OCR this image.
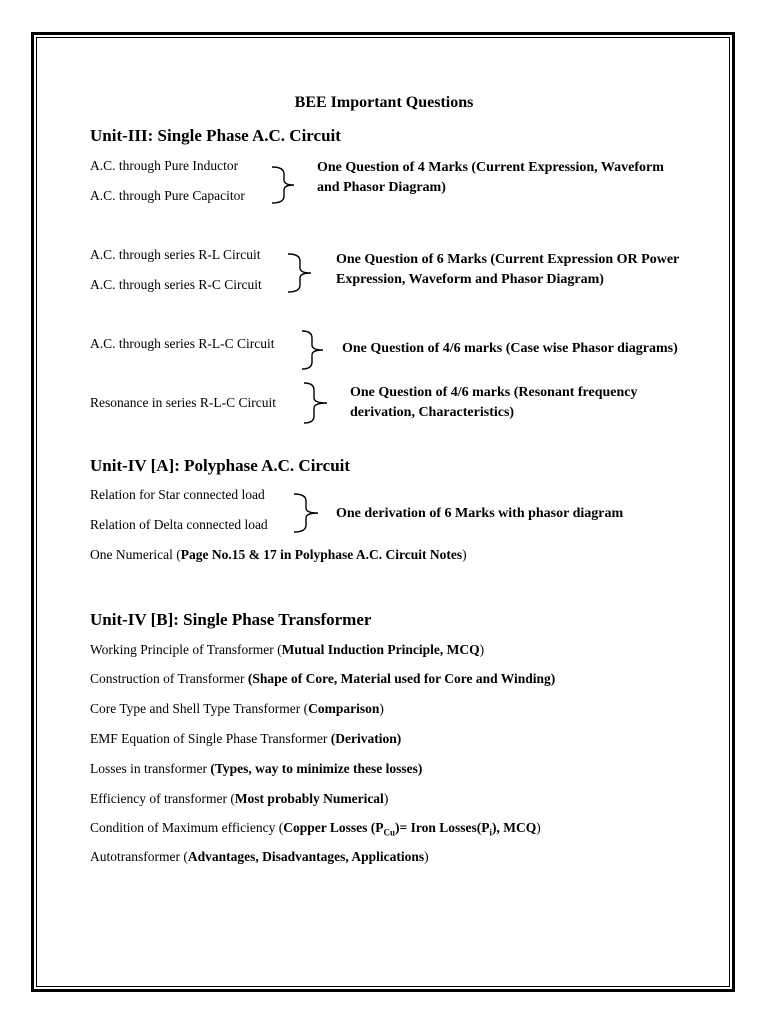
BEE Important Questions
Unit-III: Single Phase A.C. Circuit
A.C. through Pure Inductor
A.C. through Pure Capacitor
One Question of 4 Marks (Current Expression, Waveform
and Phasor Diagram)
A.C. through series R-L Circuit
A.C. through series R-C Circuit
One Question of 6 Marks (Current Expression OR Power
Expression, Waveform and Phasor Diagram)
A.C. through series R-L-C Circuit	One Question of 4/6 marks (Case wise Phasor diagrams)
Resonance in series R-L-C Circuit
One Question of 4/6 marks (Resonant frequency
derivation, Characteristics)
Unit-IV [A]: Polyphase A.C. Circuit
Relation for Star connected load
Relation of Delta connected load
One derivation of 6 Marks with phasor diagram
One Numerical (Page No.15 & 17 in Polyphase A.C. Circuit Notes)
Unit-IV [B]: Single Phase Transformer
Working Principle of Transformer (Mutual Induction Principle, MCQ)
Construction of Transformer (Shape of Core, Material used for Core and Winding)
Core Type and Shell Type Transformer (Comparison)
EMF Equation of Single Phase Transformer (Derivation)
Losses in transformer (Types, way to minimize these losses)
Efficiency of transformer (Most probably Numerical)
Condition of Maximum efficiency (Copper Losses $(P_{Cu})=$ Iron $Losses(P_i)$, MCQ)
Autotransformer (Advantages, Disadvantages, Applications)
